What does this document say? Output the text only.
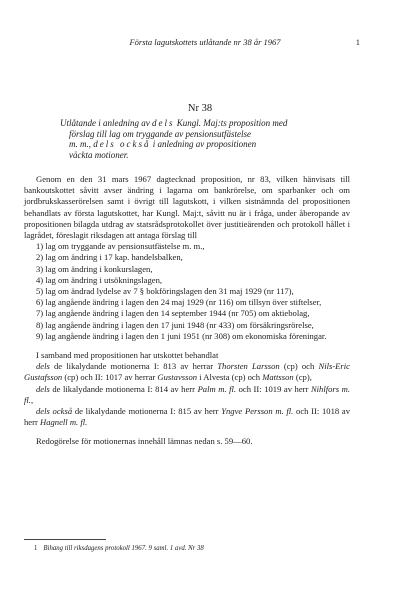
Första lagutskottets utlåtande nr 38 år 1967	1
Nr 38
Utlåtande i anledning av dels Kungl. Maj:ts proposition med
förslag till lag om tryggande av pensionsutfästelse
m. m., dels också i anledning av propositionen
väckta motioner.

Genom en den 31 mars 1967 dagtecknad proposition, nr 83, vilken hänvisats till bankoutskottet såvitt avser ändring i lagarna om bankrörelse, om sparbanker och om jordbrukskasserörelsen samt i övrigt till lagutskott, i vilken sistnämnda del propositionen behandlats av första lagutskottet, har Kungl. Maj:t, såvitt nu är i fråga, under åberopande av propositionen bilagda utdrag av statsrådsprotokollet över justitieärenden och protokoll hållet i lagrådet, föreslagit riksdagen att antaga förslag till

1) lag om tryggande av pensionsutfästelse m. m.,

2) lag om ändring i 17 kap. handelsbalken,

3) lag om ändring i konkurslagen,

4) lag om ändring i utsökningslagen,

5) lag om ändrad lydelse av 7 § bokföringslagen den 31 maj 1929 (nr 117),

6) lag angående ändring i lagen den 24 maj 1929 (nr 116) om tillsyn över stiftelser,

7) lag angående ändring i lagen den 14 september 1944 (nr 705) om aktiebolag,

8) lag angående ändring i lagen den 17 juni 1948 (nr 433) om försäkringsrörelse,

9) lag angående ändring i lagen den 1 juni 1951 (nr 308) om ekonomiska föreningar.

I samband med propositionen har utskottet behandlat

dels de likalydande motionerna I: 813 av herrar Thorsten Larsson (cp) och Nils-Eric Gustafsson (cp) och II: 1017 av herrar Gustavsson i Alvesta (cp) och Mattsson (cp),

dels de likalydande motionerna I: 814 av herr Palm m. fl. och II: 1019 av herr Nihlfors m. fl.,

dels också de likalydande motionerna I: 815 av herr Yngve Persson m. fl. och II: 1018 av herr Hagnell m. fl.

Redogörelse för motionernas innehåll lämnas nedan s. 59—60.

1 Bihang till riksdagens protokoll 1967. 9 saml. 1 avd. Nr 38
